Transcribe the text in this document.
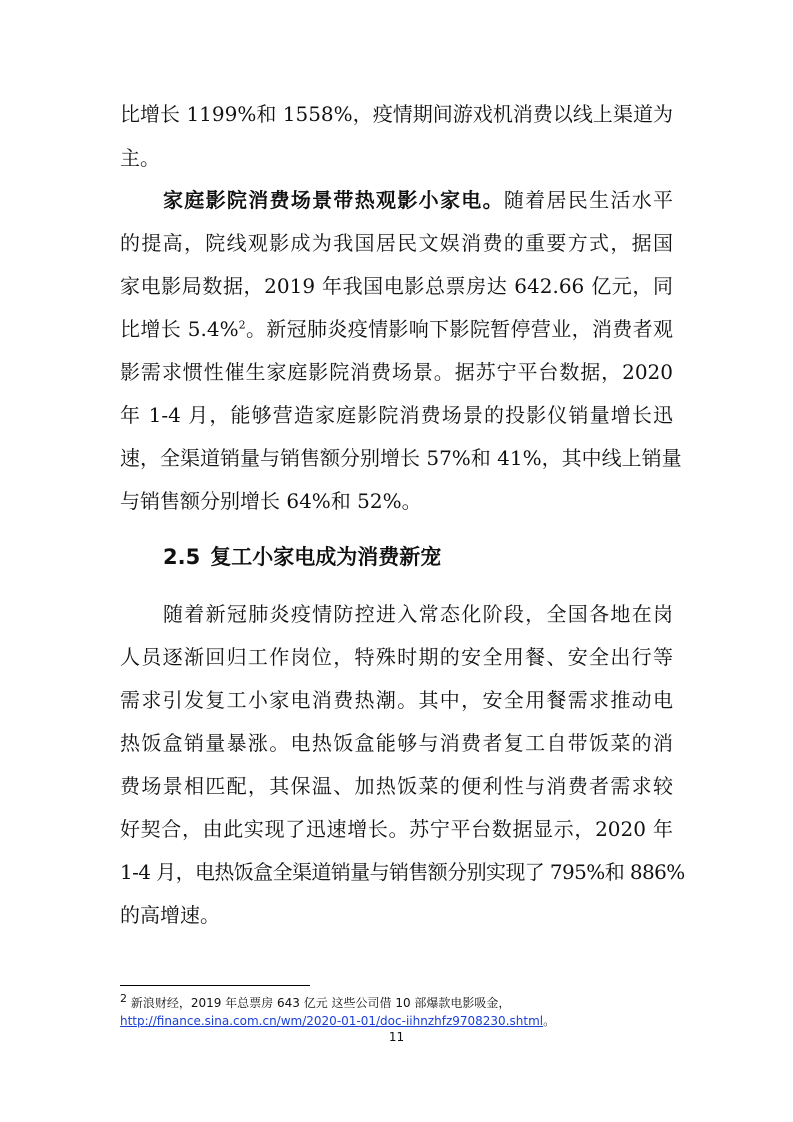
比增长 1199%和 1558%，疫情期间游戏机消费以线上渠道为
主。
家庭影院消费场景带热观影小家电。随着居民生活水平
的提高，院线观影成为我国居民文娱消费的重要方式，据国
家电影局数据，2019 年我国电影总票房达 642.66 亿元，同
比增长 5.4%$^2$。新冠肺炎疫情影响下影院暂停营业，消费者观
影需求惯性催生家庭影院消费场景。据苏宁平台数据，2020
年 1-4 月，能够营造家庭影院消费场景的投影仪销量增长迅
速，全渠道销量与销售额分别增长 57%和 41%，其中线上销量
与销售额分别增长 64%和 52%。
2.5 复工小家电成为消费新宠
随着新冠肺炎疫情防控进入常态化阶段，全国各地在岗
人员逐渐回归工作岗位，特殊时期的安全用餐、安全出行等
需求引发复工小家电消费热潮。其中，安全用餐需求推动电
热饭盒销量暴涨。电热饭盒能够与消费者复工自带饭菜的消
费场景相匹配，其保温、加热饭菜的便利性与消费者需求较
好契合，由此实现了迅速增长。苏宁平台数据显示，2020 年
1-4 月，电热饭盒全渠道销量与销售额分别实现了 795%和 886%
的高增速。
$^2$ 新浪财经，2019 年总票房 643 亿元 这些公司借 10 部爆款电影吸金，
http://finance.sina.com.cn/wm/2020-01-01/doc-iihnzhfz9708230.shtml。
11
